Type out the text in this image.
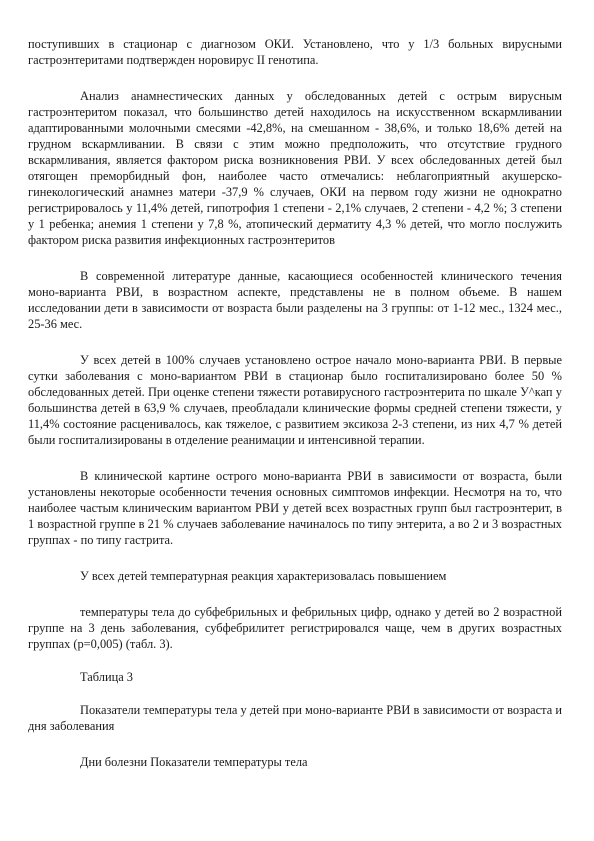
поступивших в стационар с диагнозом ОКИ. Установлено, что у 1/3 больных вирусными гастроэнтеритами подтвержден норовирус II генотипа.

Анализ анамнестических данных у обследованных детей с острым вирусным гастроэнтеритом показал, что большинство детей находилось на искусственном вскармливании адаптированными молочными смесями -42,8%, на смешанном - 38,6%, и только 18,6% детей на грудном вскармливании. В связи с этим можно предположить, что отсутствие грудного вскармливания, является фактором риска возникновения РВИ. У всех обследованных детей был отягощен преморбидный фон, наиболее часто отмечались: неблагоприятный акушерско-гинекологический анамнез матери -37,9 % случаев, ОКИ на первом году жизни не однократно регистрировалось у 11,4% детей, гипотрофия 1 степени - 2,1% случаев, 2 степени - 4,2 %; 3 степени у 1 ребенка; анемия 1 степени у 7,8 %, атопический дерматиту 4,3 % детей, что могло послужить фактором риска развития инфекционных гастроэнтеритов

В современной литературе данные, касающиеся особенностей клинического течения моно-варианта РВИ, в возрастном аспекте, представлены не в полном объеме. В нашем исследовании дети в зависимости от возраста были разделены на 3 группы: от 1-12 мес., 1324 мес., 25-36 мес.

У всех детей в 100% случаев установлено острое начало моно-варианта РВИ. В первые сутки заболевания с моно-вариантом РВИ в стационар было госпитализировано более 50 % обследованных детей. При оценке степени тяжести ротавирусного гастроэнтерита по шкале У^кап у большинства детей в 63,9 % случаев, преобладали клинические формы средней степени тяжести, у 11,4% состояние расценивалось, как тяжелое, с развитием эксикоза 2-3 степени, из них 4,7 % детей были госпитализированы в отделение реанимации и интенсивной терапии.

В клинической картине острого моно-варианта РВИ в зависимости от возраста, были установлены некоторые особенности течения основных симптомов инфекции. Несмотря на то, что наиболее частым клиническим вариантом РВИ у детей всех возрастных групп был гастроэнтерит, в 1 возрастной группе в 21 % случаев заболевание начиналось по типу энтерита, а во 2 и 3 возрастных группах - по типу гастрита.

У всех детей температурная реакция характеризовалась повышением

температуры тела до субфебрильных и фебрильных цифр, однако у детей во 2 возрастной группе на 3 день заболевания, субфебрилитет регистрировался чаще, чем в других возрастных группах (p=0,005) (табл. 3).

Таблица 3

Показатели температуры тела у детей при моно-варианте РВИ в зависимости от возраста и дня заболевания

Дни болезни Показатели температуры тела
